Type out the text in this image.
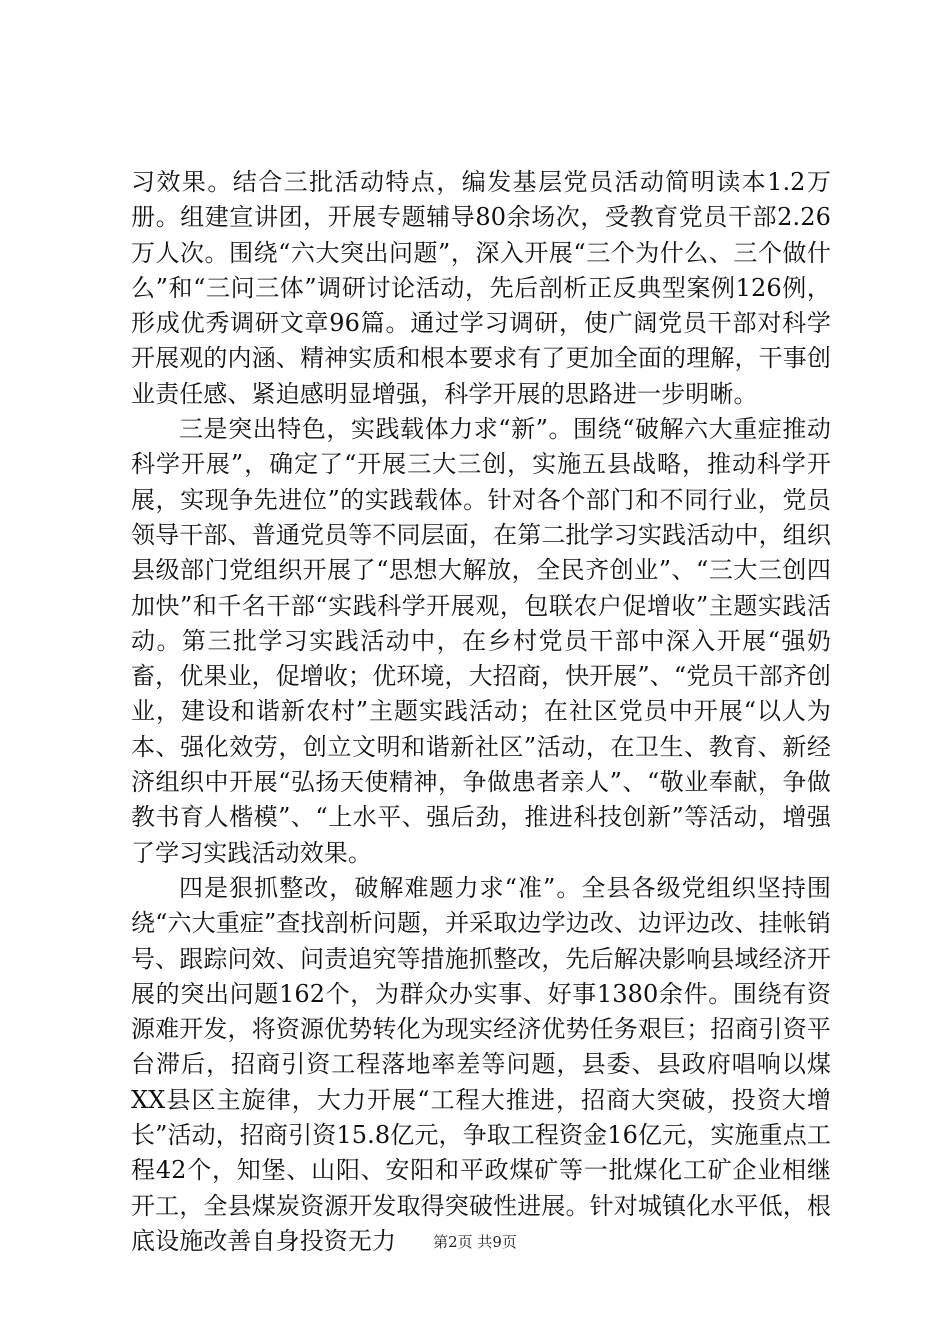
习效果。结合三批活动特点，编发基层党员活动简明读本1.2万册。组建宣讲团，开展专题辅导80余场次，受教育党员干部2.26万人次。围绕“六大突出问题”，深入开展“三个为什么、三个做什么”和“三问三体”调研讨论活动，先后剖析正反典型案例126例，形成优秀调研文章96篇。通过学习调研，使广阔党员干部对科学开展观的内涵、精神实质和根本要求有了更加全面的理解，干事创业责任感、紧迫感明显增强，科学开展的思路进一步明晰。

三是突出特色，实践载体力求“新”。围绕“破解六大重症推动科学开展”，确定了“开展三大三创，实施五县战略，推动科学开展，实现争先进位”的实践载体。针对各个部门和不同行业，党员领导干部、普通党员等不同层面，在第二批学习实践活动中，组织县级部门党组织开展了“思想大解放，全民齐创业”、“三大三创四加快”和千名干部“实践科学开展观，包联农户促增收”主题实践活动。第三批学习实践活动中，在乡村党员干部中深入开展“强奶畜，优果业，促增收；优环境，大招商，快开展”、“党员干部齐创业，建设和谐新农村”主题实践活动；在社区党员中开展“以人为本、强化效劳，创立文明和谐新社区”活动，在卫生、教育、新经济组织中开展“弘扬天使精神，争做患者亲人”、“敬业奉献，争做教书育人楷模”、“上水平、强后劲，推进科技创新”等活动，增强了学习实践活动效果。

四是狠抓整改，破解难题力求“准”。全县各级党组织坚持围绕“六大重症”查找剖析问题，并采取边学边改、边评边改、挂帐销号、跟踪问效、问责追究等措施抓整改，先后解决影响县域经济开展的突出问题162个，为群众办实事、好事1380余件。围绕有资源难开发，将资源优势转化为现实经济优势任务艰巨；招商引资平台滞后，招商引资工程落地率差等问题，县委、县政府唱响以煤XX县区主旋律，大力开展“工程大推进，招商大突破，投资大增长”活动，招商引资15.8亿元，争取工程资金16亿元，实施重点工程42个，知堡、山阳、安阳和平政煤矿等一批煤化工矿企业相继开工，全县煤炭资源开发取得突破性进展。针对城镇化水平低，根底设施改善自身投资无力	第2页 共9页
